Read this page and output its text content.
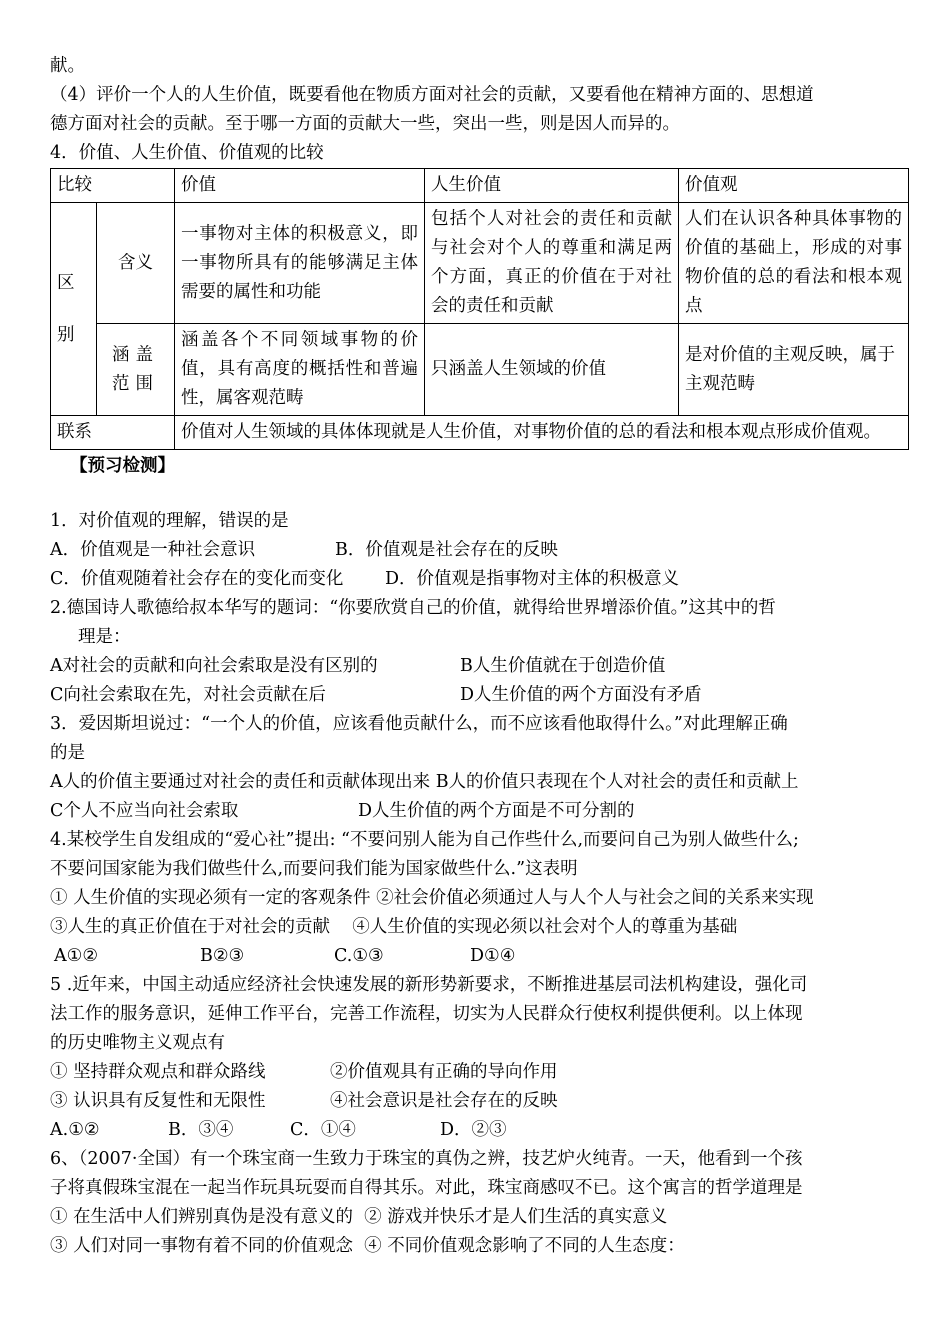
献。
（4）评价一个人的人生价值，既要看他在物质方面对社会的贡献，又要看他在精神方面的、思想道
德方面对社会的贡献。至于哪一方面的贡献大一些，突出一些，则是因人而异的。
4．价值、人生价值、价值观的比较
比较		价值	人生价值	价值观

区别	含义	一事物对主体的积极意义，即一事物所具有的能够满足主体需要的属性和功能	包括个人对社会的责任和贡献与社会对个人的尊重和满足两个方面，真正的价值在于对社会的责任和贡献	人们在认识各种具体事物的价值的基础上，形成的对事物价值的总的看法和根本观点
	涵盖范围	涵盖各个不同领域事物的价值，具有高度的概括性和普遍性，属客观范畴	只涵盖人生领域的价值	是对价值的主观反映，属于主观范畴
联系		价值对人生领域的具体体现就是人生价值，对事物价值的总的看法和根本观点形成价值观。		
【预习检测】
1．对价值观的理解，错误的是
A．价值观是一种社会意识	B．价值观是社会存在的反映
C．价值观随着社会存在的变化而变化 D．价值观是指事物对主体的积极意义
2.德国诗人歌德给叔本华写的题词：“你要欣赏自己的价值，就得给世界增添价值。”这其中的哲
理是：
A对社会的贡献和向社会索取是没有区别的	B人生价值就在于创造价值
C向社会索取在先，对社会贡献在后	D人生价值的两个方面没有矛盾
3．爱因斯坦说过：“一个人的价值，应该看他贡献什么，而不应该看他取得什么。”对此理解正确
的是
A人的价值主要通过对社会的责任和贡献体现出来 B人的价值只表现在个人对社会的责任和贡献上
C个人不应当向社会索取	D人生价值的两个方面是不可分割的
4.某校学生自发组成的“爱心社”提出: “不要问别人能为自己作些什么,而要问自己为别人做些什么;
不要问国家能为我们做些什么,而要问我们能为国家做些什么.”这表明
① 人生价值的实现必须有一定的客观条件 ②社会价值必须通过人与人个人与社会之间的关系来实现
③人生的真正价值在于对社会的贡献    ④人生价值的实现必须以社会对个人的尊重为基础
A①②	B②③	C.①③	D①④
5 .近年来，中国主动适应经济社会快速发展的新形势新要求，不断推进基层司法机构建设，强化司
法工作的服务意识，延伸工作平台，完善工作流程，切实为人民群众行使权利提供便利。以上体现
的历史唯物主义观点有
① 坚持群众观点和群众路线	②价值观具有正确的导向作用
③ 认识具有反复性和无限性	④社会意识是社会存在的反映
A.①②	B．③④	C．①④	D．②③
6、（2007·全国）有一个珠宝商一生致力于珠宝的真伪之辨，技艺炉火纯青。一天，他看到一个孩
子将真假珠宝混在一起当作玩具玩耍而自得其乐。对此，珠宝商感叹不已。这个寓言的哲学道理是
① 在生活中人们辨别真伪是没有意义的  ② 游戏并快乐才是人们生活的真实意义
③ 人们对同一事物有着不同的价值观念  ④ 不同价值观念影响了不同的人生态度：
